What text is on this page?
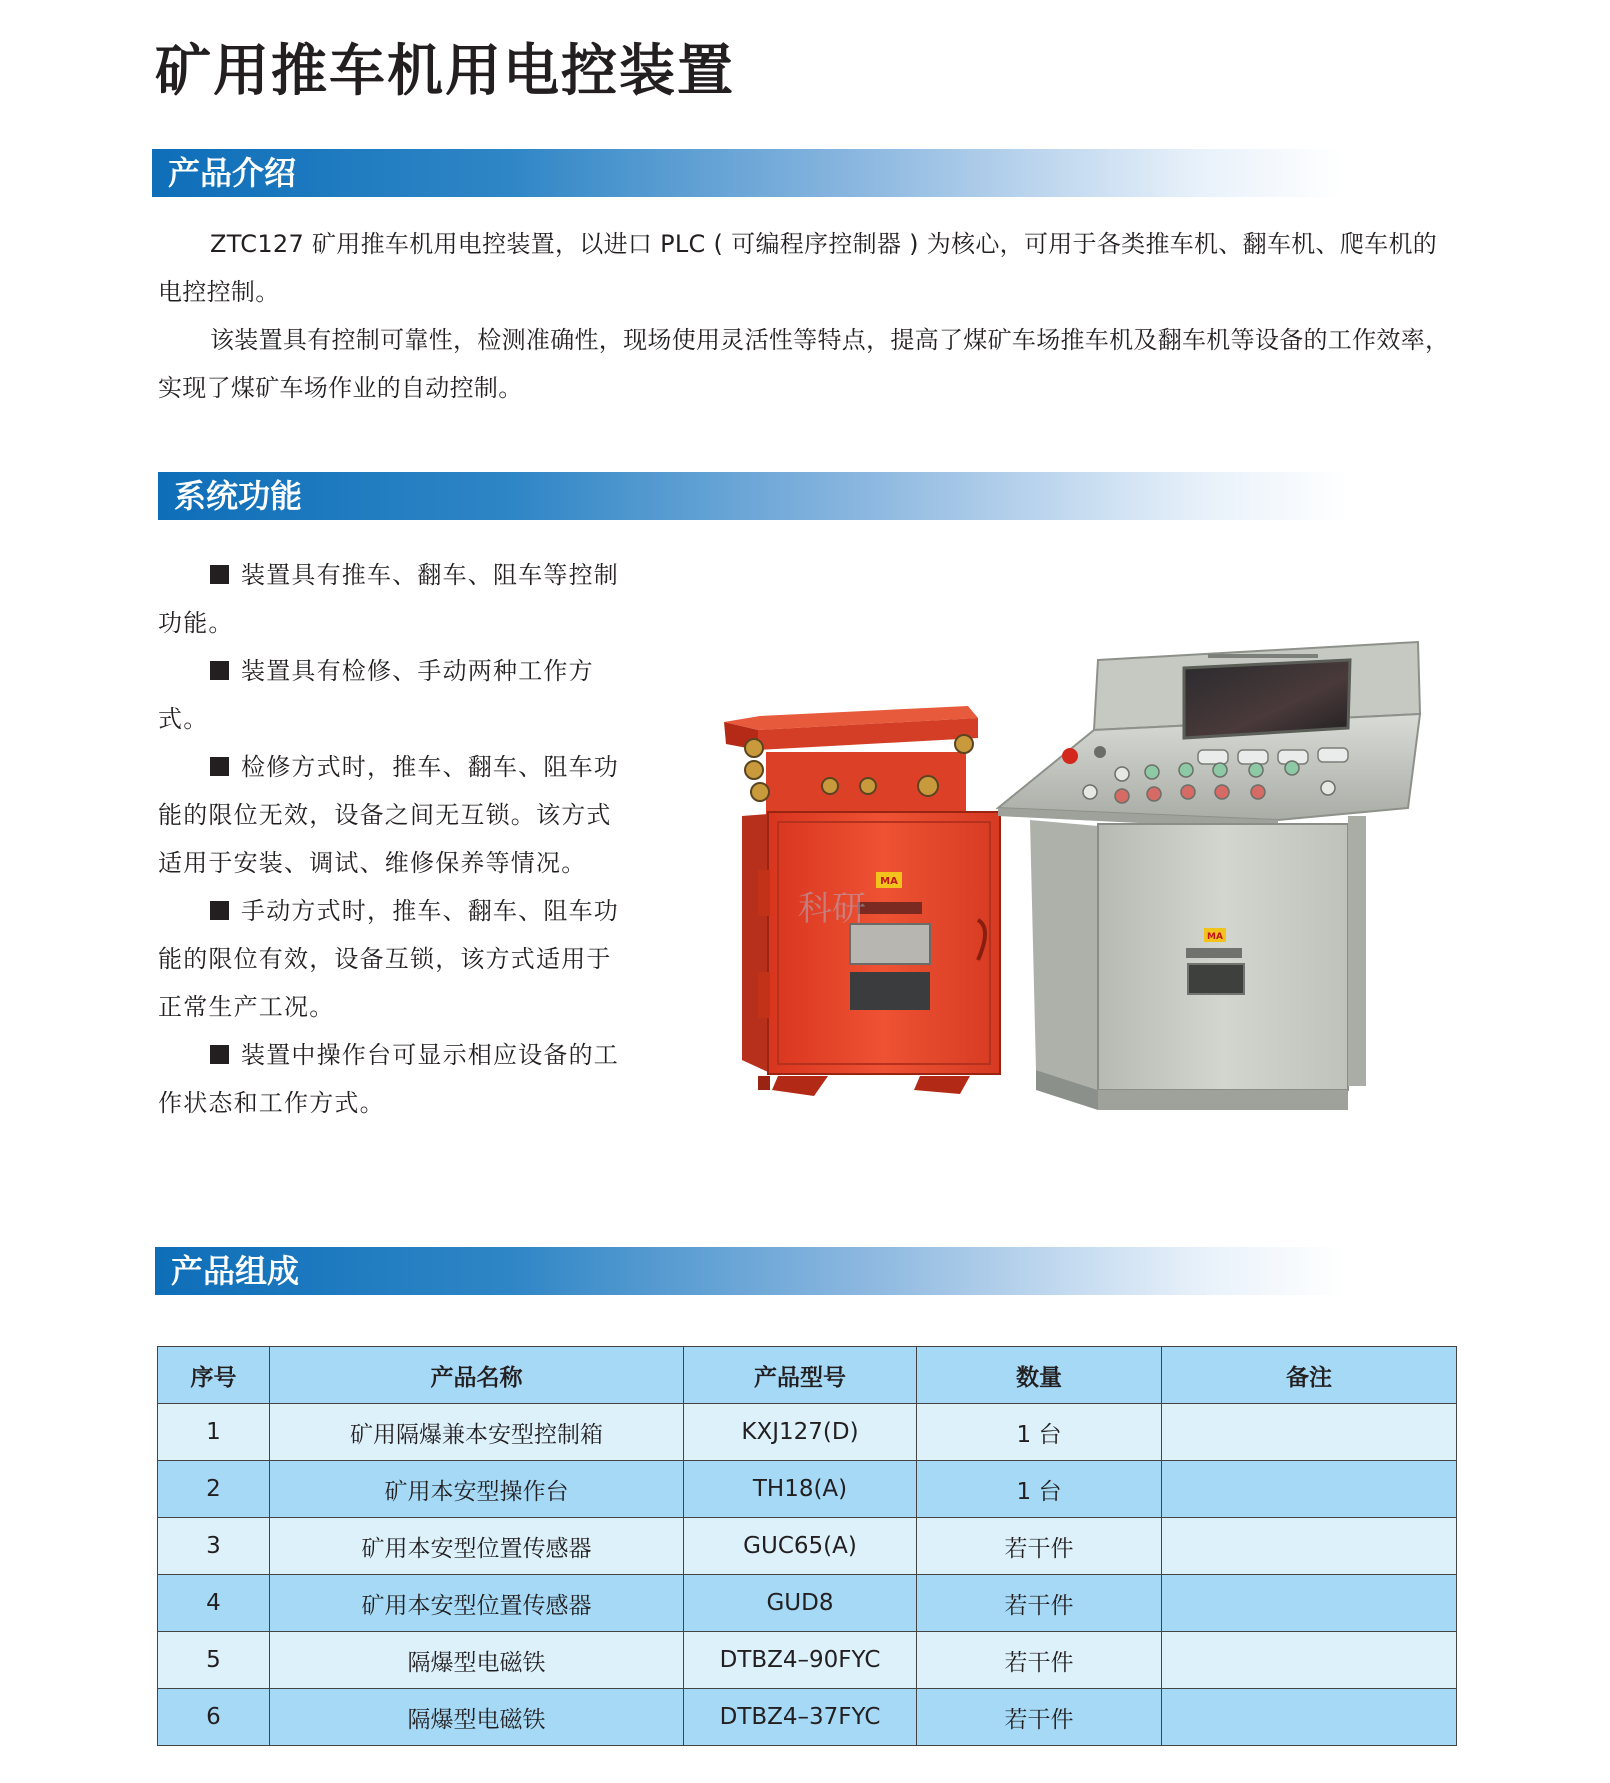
矿用推车机用电控装置
产品介绍

ZTC127 矿用推车机用电控装置，以进口 PLC ( 可编程序控制器 ) 为核心，可用于各类推车机、翻车机、爬车机的电控控制。

该装置具有控制可靠性，检测准确性，现场使用灵活性等特点，提高了煤矿车场推车机及翻车机等设备的工作效率，实现了煤矿车场作业的自动控制。

系统功能
装置具有推车、翻车、阻车等控制功能。
装置具有检修、手动两种工作方式。
检修方式时，推车、翻车、阻车功能的限位无效，设备之间无互锁。该方式适用于安装、调试、维修保养等情况。
手动方式时，推车、翻车、阻车功能的限位有效，设备互锁，该方式适用于正常生产工况。
装置中操作台可显示相应设备的工作状态和工作方式。
MA
MA
科研
产品组成
序号	产品名称	产品型号	数量	备注
1	矿用隔爆兼本安型控制箱	KXJ127(D)	1 台	
2	矿用本安型操作台	TH18(A)	1 台	
3	矿用本安型位置传感器	GUC65(A)	若干件	
4	矿用本安型位置传感器	GUD8	若干件	
5	隔爆型电磁铁	DTBZ4–90FYC	若干件	
6	隔爆型电磁铁	DTBZ4–37FYC	若干件	
